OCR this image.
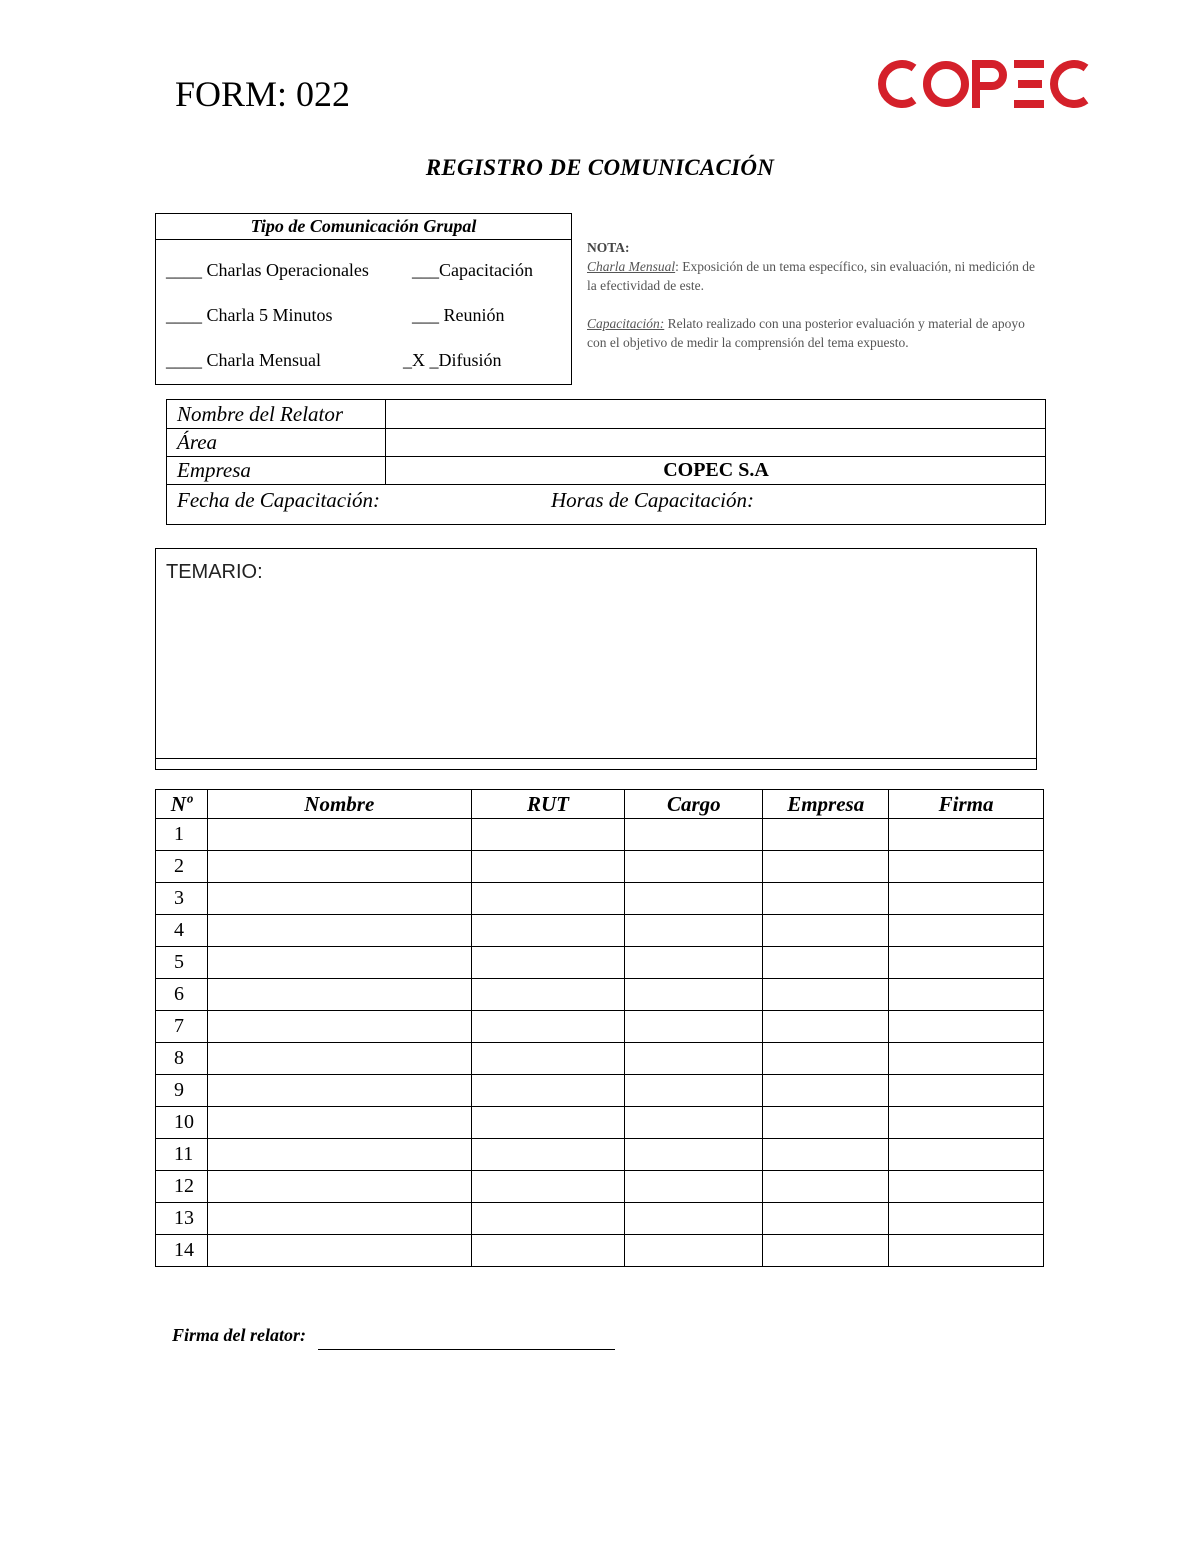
FORM: 022
REGISTRO DE COMUNICACIÓN
Tipo de Comunicación Grupal
____ Charlas Operacionales ___Capacitación
____ Charla 5 Minutos	___ Reunión
____ Charla Mensual	_X _Difusión
NOTA:

Charla Mensual: Exposición de un tema específico, sin evaluación, ni medición de la efectividad de este.

Capacitación: Relato realizado con una posterior evaluación y material de apoyo con el objetivo de medir la comprensión del tema expuesto.

Nombre del Relator
Área
Empresa	COPEC S.A
Fecha de Capacitación:	Horas de Capacitación:
TEMARIO:
Nº	Nombre	RUT	Cargo	Empresa	Firma
1					
2					
3					
4					
5					
6					
7					
8					
9					
10					
11					
12					
13					
14					
Firma del relator:
